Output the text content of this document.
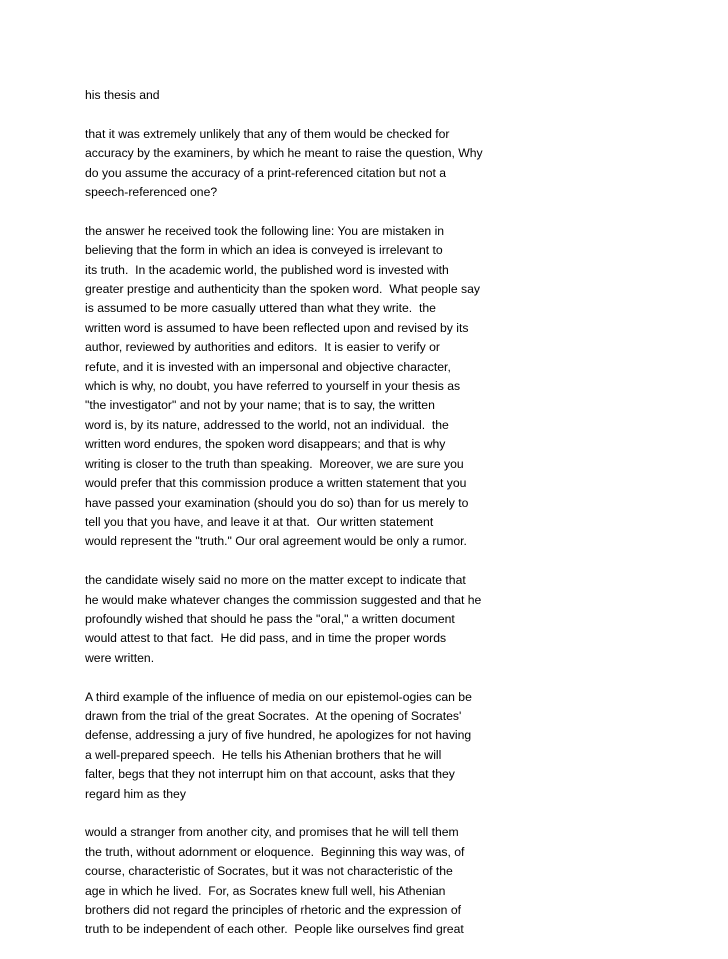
his thesis and

that it was extremely unlikely that any of them would be checked for
accuracy by the examiners, by which he meant to raise the question, Why
do you assume the accuracy of a print-referenced citation but not a
speech-referenced one?

the answer he received took the following line: You are mistaken in
believing that the form in which an idea is conveyed is irrelevant to
its truth.  In the academic world, the published word is invested with
greater prestige and authenticity than the spoken word.  What people say
is assumed to be more casually uttered than what they write.  the
written word is assumed to have been reflected upon and revised by its
author, reviewed by authorities and editors.  It is easier to verify or
refute, and it is invested with an impersonal and objective character,
which is why, no doubt, you have referred to yourself in your thesis as
"the investigator" and not by your name; that is to say, the written
word is, by its nature, addressed to the world, not an individual.  the
written word endures, the spoken word disappears; and that is why
writing is closer to the truth than speaking.  Moreover, we are sure you
would prefer that this commission produce a written statement that you
have passed your examination (should you do so) than for us merely to
tell you that you have, and leave it at that.  Our written statement
would represent the "truth." Our oral agreement would be only a rumor.

the candidate wisely said no more on the matter except to indicate that
he would make whatever changes the commission suggested and that he
profoundly wished that should he pass the "oral," a written document
would attest to that fact.  He did pass, and in time the proper words
were written.

A third example of the influence of media on our epistemol-ogies can be
drawn from the trial of the great Socrates.  At the opening of Socrates'
defense, addressing a jury of five hundred, he apologizes for not having
a well-prepared speech.  He tells his Athenian brothers that he will
falter, begs that they not interrupt him on that account, asks that they
regard him as they

would a stranger from another city, and promises that he will tell them
the truth, without adornment or eloquence.  Beginning this way was, of
course, characteristic of Socrates, but it was not characteristic of the
age in which he lived.  For, as Socrates knew full well, his Athenian
brothers did not regard the principles of rhetoric and the expression of
truth to be independent of each other.  People like ourselves find great
